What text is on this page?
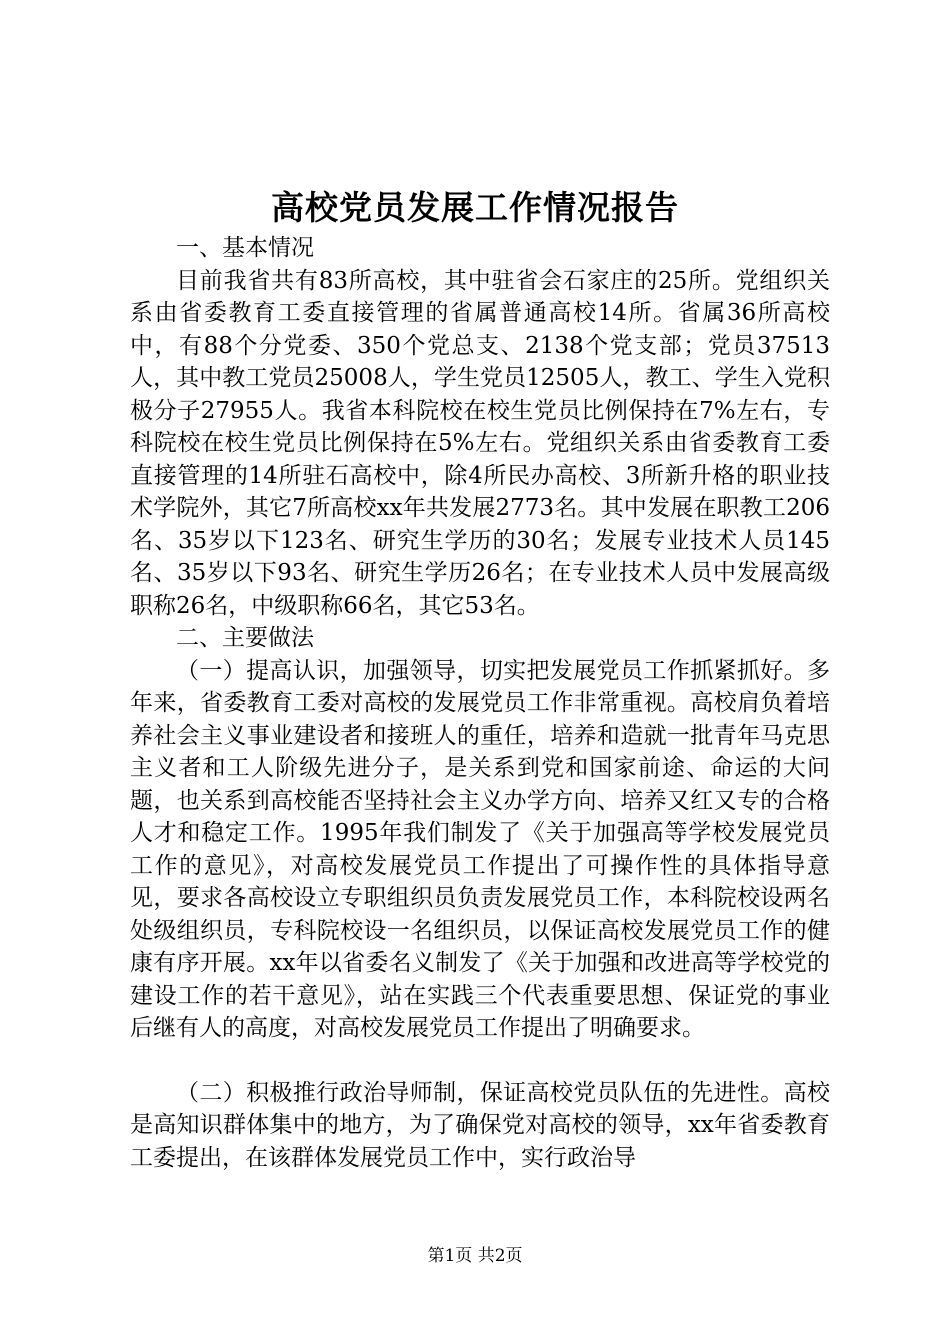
高校党员发展工作情况报告

一、基本情况

目前我省共有83所高校，其中驻省会石家庄的25所。党组织关系由省委教育工委直接管理的省属普通高校14所。省属36所高校中，有88个分党委、350个党总支、2138个党支部；党员37513人，其中教工党员25008人，学生党员12505人，教工、学生入党积极分子27955人。我省本科院校在校生党员比例保持在7%左右，专科院校在校生党员比例保持在5%左右。党组织关系由省委教育工委直接管理的14所驻石高校中，除4所民办高校、3所新升格的职业技术学院外，其它7所高校xx年共发展2773名。其中发展在职教工206名、35岁以下123名、研究生学历的30名；发展专业技术人员145名、35岁以下93名、研究生学历26名；在专业技术人员中发展高级职称26名，中级职称66名，其它53名。

二、主要做法

（一）提高认识，加强领导，切实把发展党员工作抓紧抓好。多年来，省委教育工委对高校的发展党员工作非常重视。高校肩负着培养社会主义事业建设者和接班人的重任，培养和造就一批青年马克思主义者和工人阶级先进分子，是关系到党和国家前途、命运的大问题，也关系到高校能否坚持社会主义办学方向、培养又红又专的合格人才和稳定工作。1995年我们制发了《关于加强高等学校发展党员工作的意见》，对高校发展党员工作提出了可操作性的具体指导意见，要求各高校设立专职组织员负责发展党员工作，本科院校设两名处级组织员，专科院校设一名组织员，以保证高校发展党员工作的健康有序开展。xx年以省委名义制发了《关于加强和改进高等学校党的建设工作的若干意见》，站在实践三个代表重要思想、保证党的事业后继有人的高度，对高校发展党员工作提出了明确要求。

（二）积极推行政治导师制，保证高校党员队伍的先进性。高校是高知识群体集中的地方，为了确保党对高校的领导，xx年省委教育工委提出，在该群体发展党员工作中，实行政治导

第1页 共2页
